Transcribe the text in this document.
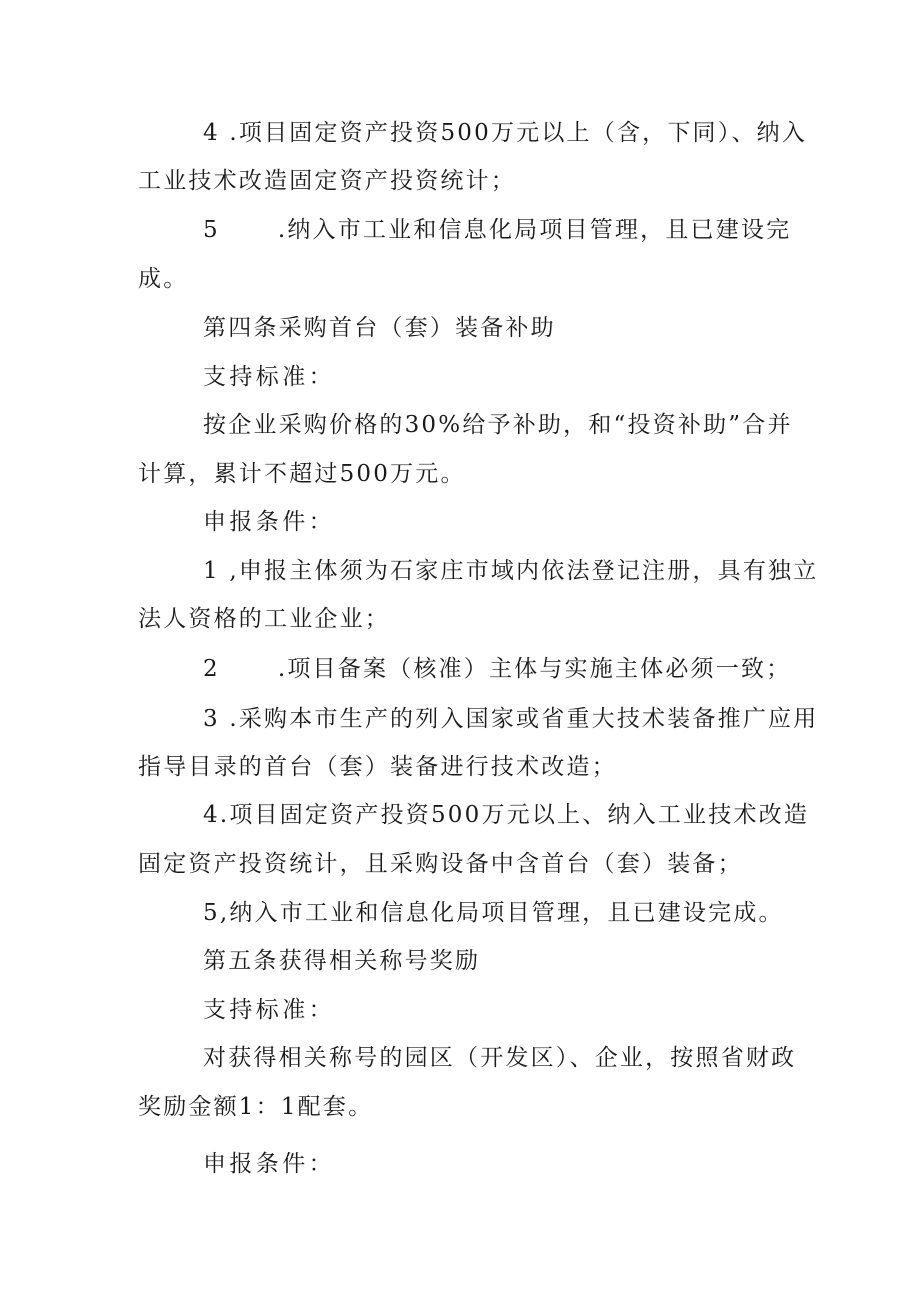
4 .项目固定资产投资500万元以上（含，下同）、纳入
工业技术改造固定资产投资统计；
5	.纳入市工业和信息化局项目管理，且已建设完
成。
第四条采购首台（套）装备补助
支持标准：
按企业采购价格的30%给予补助，和“投资补助”合并
计算，累计不超过500万元。
申报条件：
1 ,申报主体须为石家庄市域内依法登记注册，具有独立
法人资格的工业企业；
2	.项目备案（核准）主体与实施主体必须一致；
3 .采购本市生产的列入国家或省重大技术装备推广应用
指导目录的首台（套）装备进行技术改造；
4.项目固定资产投资500万元以上、纳入工业技术改造
固定资产投资统计，且采购设备中含首台（套）装备；
5,纳入市工业和信息化局项目管理，且已建设完成。
第五条获得相关称号奖励
支持标准：
对获得相关称号的园区（开发区）、企业，按照省财政
奖励金额1：1配套。
申报条件：
